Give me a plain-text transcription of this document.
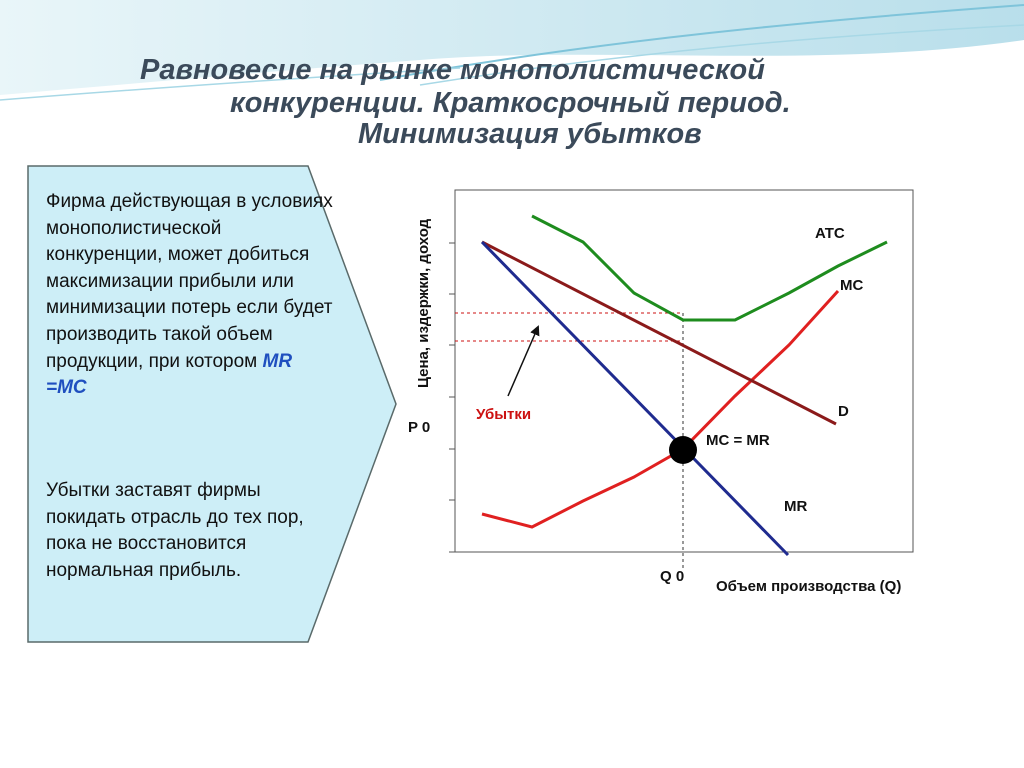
Равновесие на рынке монополистической
конкуренции. Краткосрочный период.
Минимизация убытков
Фирма действующая в условиях монополистической конкуренции, может добиться максимизации прибыли или минимизации потерь если будет производить такой объем продукции, при котором MR =MC
Убытки заставят фирмы покидать отрасль до тех пор, пока не восстановится нормальная прибыль.
Цена, издержки, доход	ATC
MC
D
MR
MC = MR
Убытки
P 0
Q 0
Объем производства (Q)
